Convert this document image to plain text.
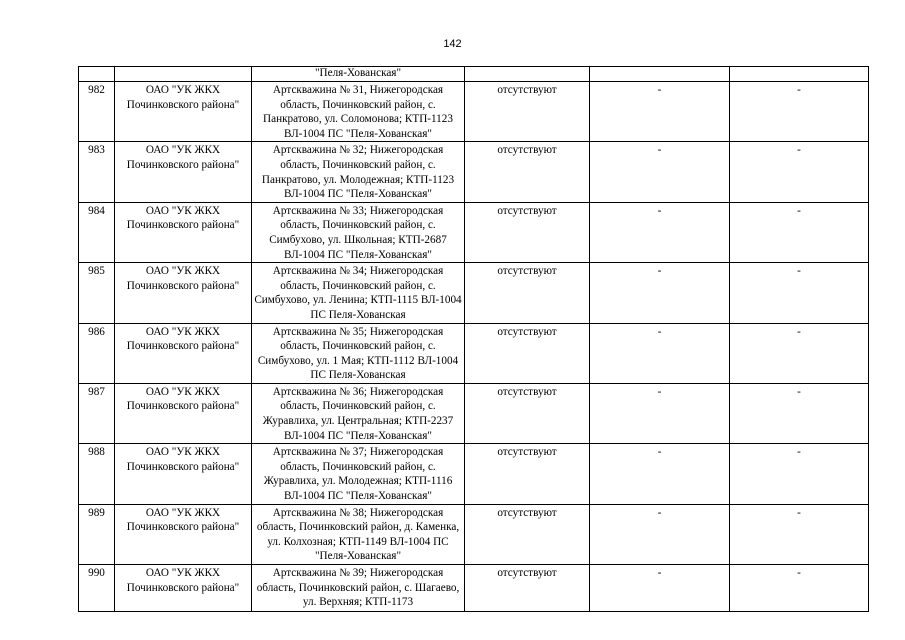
142
		"Пеля-Хованская"			
982	ОАО "УК ЖКХ Починковского района"	Артскважина № 31, Нижегородская область, Починковский район, с. Панкратово, ул. Соломонова; КТП-1123 ВЛ-1004 ПС "Пеля-Хованская"	отсутствуют	-	-
983	ОАО "УК ЖКХ Починковского района"	Артскважина № 32; Нижегородская область, Починковский район, с. Панкратово, ул. Молодежная; КТП-1123 ВЛ-1004 ПС "Пеля-Хованская"	отсутствуют	-	-
984	ОАО "УК ЖКХ Починковского района"	Артскважина № 33; Нижегородская область, Починковский район, с. Симбухово, ул. Школьная; КТП-2687 ВЛ-1004 ПС "Пеля-Хованская"	отсутствуют	-	-
985	ОАО "УК ЖКХ Починковского района"	Артскважина № 34; Нижегородская область, Починковский район, с. Симбухово, ул. Ленина; КТП-1115 ВЛ-1004 ПС Пеля-Хованская	отсутствуют	-	-
986	ОАО "УК ЖКХ Починковского района"	Артскважина № 35; Нижегородская область, Починковский район, с. Симбухово, ул. 1 Мая; КТП-1112 ВЛ-1004 ПС Пеля-Хованская	отсутствуют	-	-
987	ОАО "УК ЖКХ Починковского района"	Артскважина № 36; Нижегородская область, Починковский район, с. Журавлиха, ул. Центральная; КТП-2237 ВЛ-1004 ПС "Пеля-Хованская"	отсутствуют	-	-
988	ОАО "УК ЖКХ Починковского района"	Артскважина № 37; Нижегородская область, Починковский район, с. Журавлиха, ул. Молодежная; КТП-1116 ВЛ-1004 ПС "Пеля-Хованская"	отсутствуют	-	-
989	ОАО "УК ЖКХ Починковского района"	Артскважина № 38; Нижегородская область, Починковский район, д. Каменка, ул. Колхозная; КТП-1149 ВЛ-1004 ПС "Пеля-Хованская"	отсутствуют	-	-
990	ОАО "УК ЖКХ Починковского района"	Артскважина № 39; Нижегородская область, Починковский район, с. Шагаево, ул. Верхняя; КТП-1173	отсутствуют	-	-
